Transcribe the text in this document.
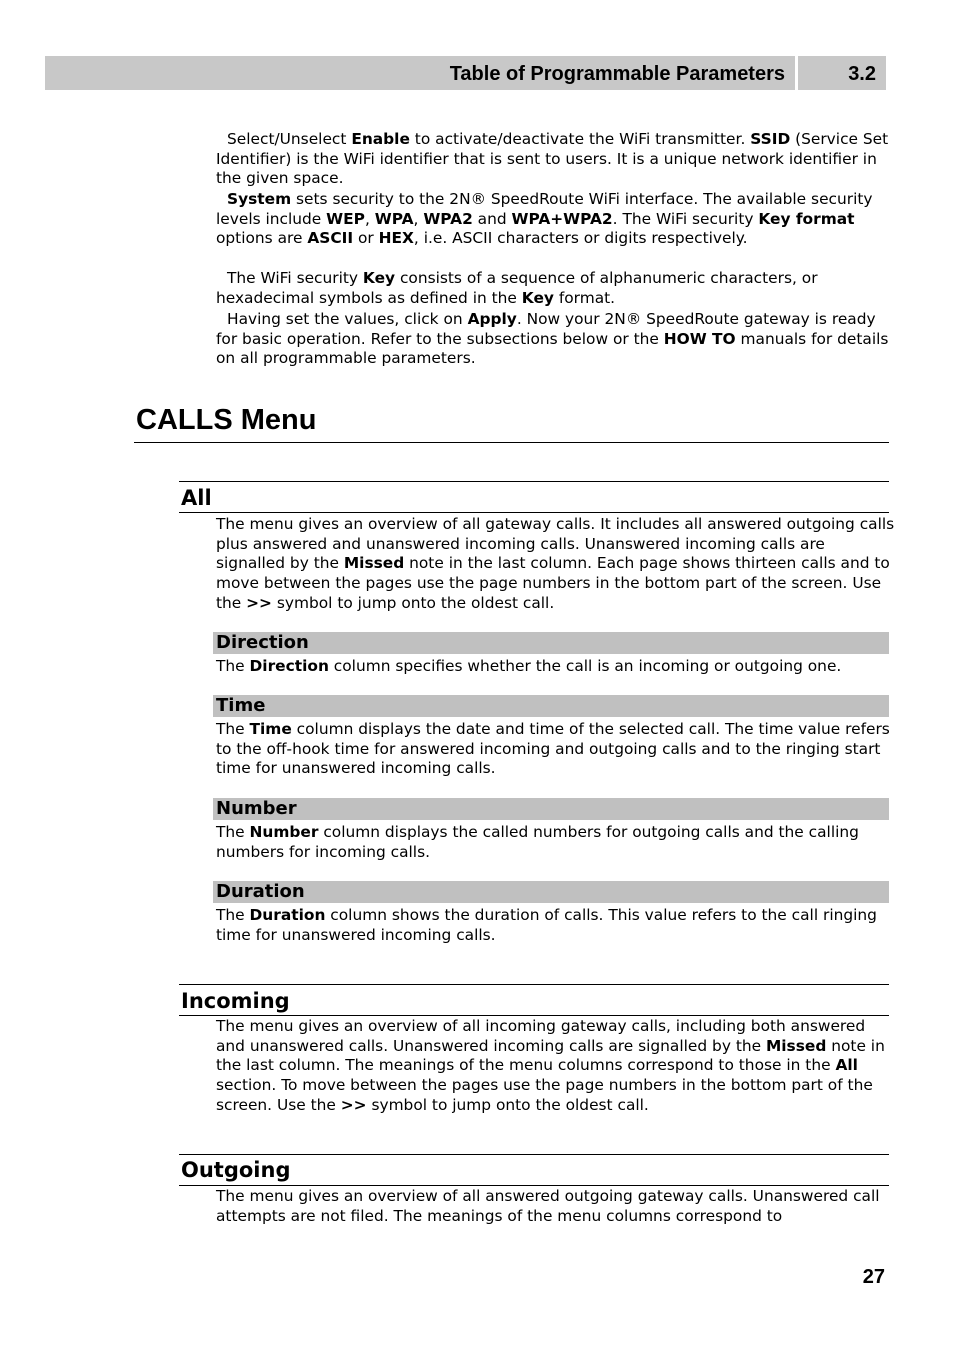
Table of Programmable Parameters	3.2

Select/Unselect Enable to activate/deactivate the WiFi transmitter. SSID (Service Set Identifier) is the WiFi identifier that is sent to users. It is a unique network identifier in the given space.

System sets security to the 2N® SpeedRoute WiFi interface. The available security levels include WEP, WPA, WPA2 and WPA+WPA2. The WiFi security Key format options are ASCII or HEX, i.e. ASCII characters or digits respectively.

The WiFi security Key consists of a sequence of alphanumeric characters, or hexadecimal symbols as defined in the Key format.

Having set the values, click on Apply. Now your 2N® SpeedRoute gateway is ready for basic operation. Refer to the subsections below or the HOW TO manuals for details on all programmable parameters.

CALLS Menu
All

The menu gives an overview of all gateway calls. It includes all answered outgoing calls plus answered and unanswered incoming calls. Unanswered incoming calls are signalled by the Missed note in the last column. Each page shows thirteen calls and to move between the pages use the page numbers in the bottom part of the screen. Use the >> symbol to jump onto the oldest call.

Direction

The Direction column specifies whether the call is an incoming or outgoing one.

Time

The Time column displays the date and time of the selected call. The time value refers to the off-hook time for answered incoming and outgoing calls and to the ringing start time for unanswered incoming calls.

Number

The Number column displays the called numbers for outgoing calls and the calling numbers for incoming calls.

Duration

The Duration column shows the duration of calls. This value refers to the call ringing time for unanswered incoming calls.

Incoming

The menu gives an overview of all incoming gateway calls, including both answered and unanswered calls. Unanswered incoming calls are signalled by the Missed note in the last column. The meanings of the menu columns correspond to those in the All section. To move between the pages use the page numbers in the bottom part of the screen. Use the >> symbol to jump onto the oldest call.

Outgoing

The menu gives an overview of all answered outgoing gateway calls. Unanswered call attempts are not filed. The meanings of the menu columns correspond to

27
